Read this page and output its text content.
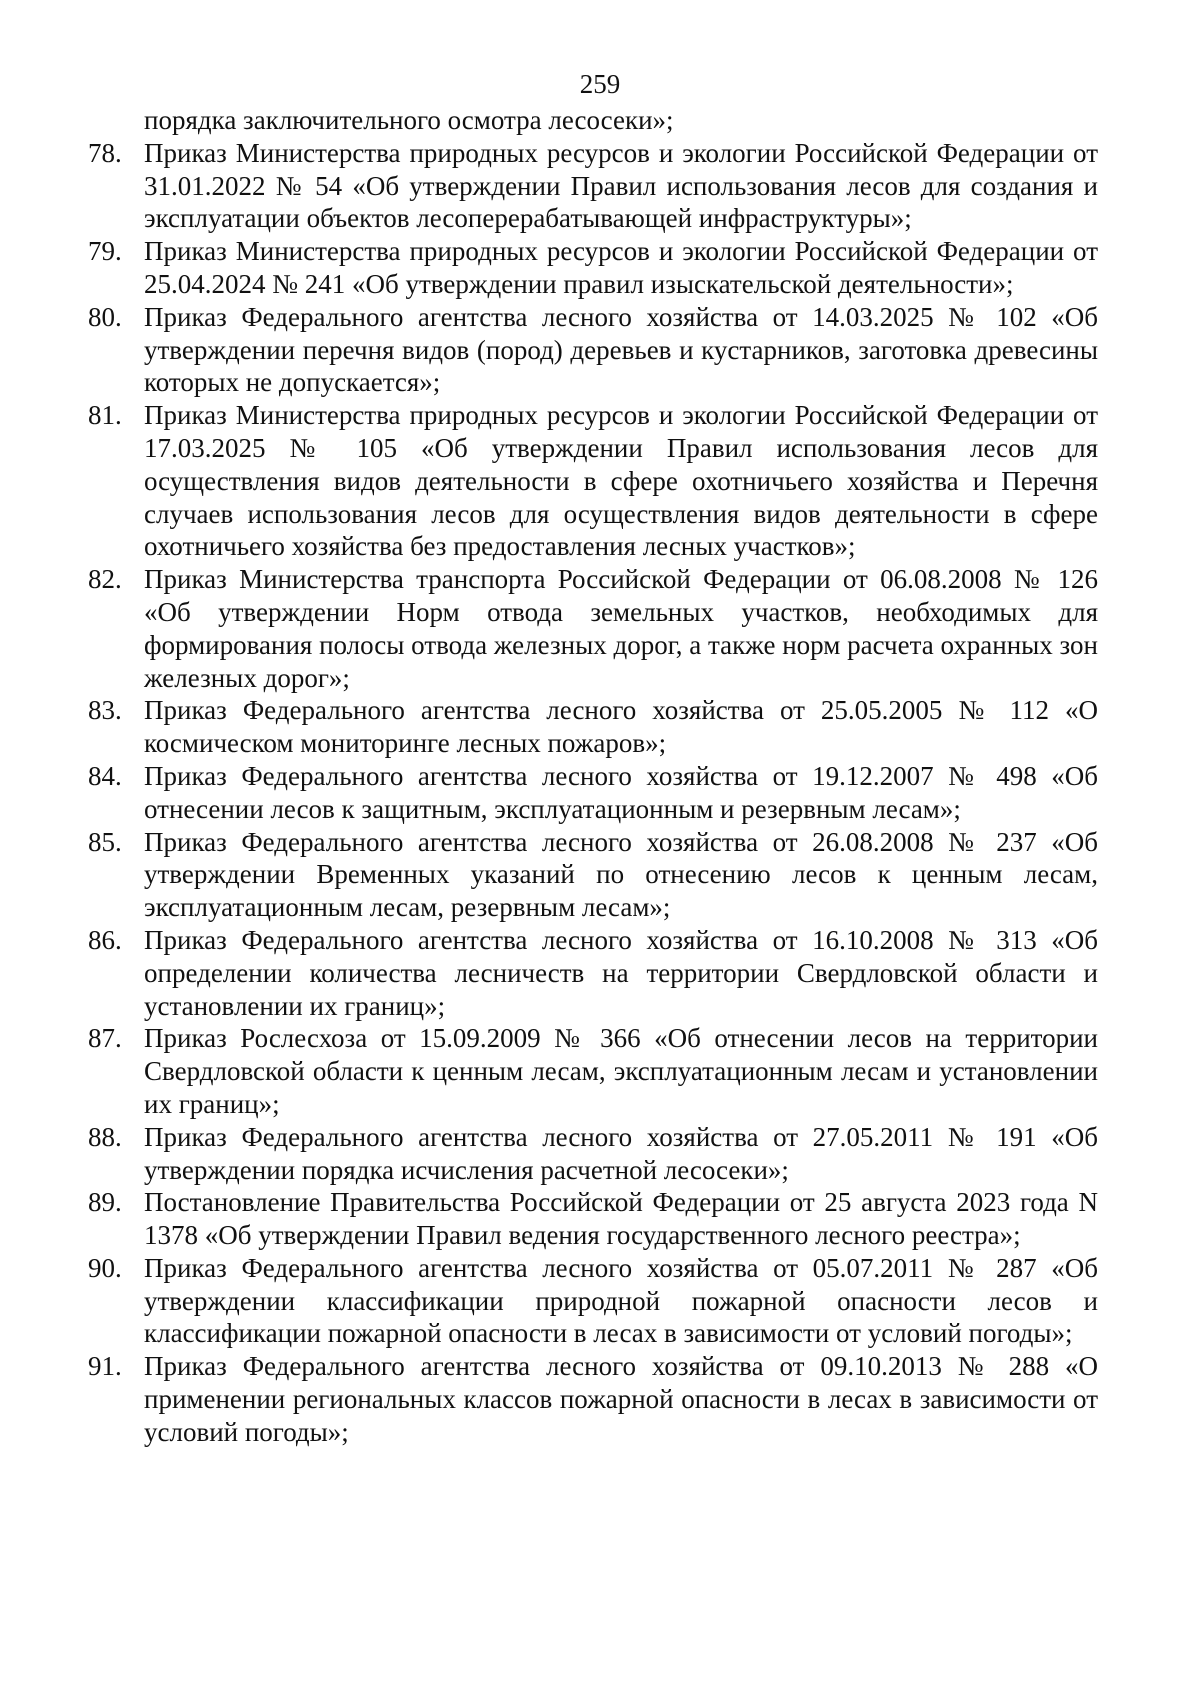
259

порядка заключительного осмотра лесосеки»;

78. Приказ Министерства природных ресурсов и экологии Российской Федерации от 31.01.2022 № 54 «Об утверждении Правил использования лесов для создания и эксплуатации объектов лесоперерабатывающей инфраструктуры»;
79. Приказ Министерства природных ресурсов и экологии Российской Федерации от 25.04.2024 № 241 «Об утверждении правил изыскательской деятельности»;
80. Приказ Федерального агентства лесного хозяйства от 14.03.2025 № 102 «Об утверждении перечня видов (пород) деревьев и кустарников, заготовка древесины которых не допускается»;
81. Приказ Министерства природных ресурсов и экологии Российской Федерации от 17.03.2025 № 105 «Об утверждении Правил использования лесов для осуществления видов деятельности в сфере охотничьего хозяйства и Перечня случаев использования лесов для осуществления видов деятельности в сфере охотничьего хозяйства без предоставления лесных участков»;
82. Приказ Министерства транспорта Российской Федерации от 06.08.2008 № 126 «Об утверждении Норм отвода земельных участков, необходимых для формирования полосы отвода железных дорог, а также норм расчета охранных зон железных дорог»;
83. Приказ Федерального агентства лесного хозяйства от 25.05.2005 № 112 «О космическом мониторинге лесных пожаров»;
84. Приказ Федерального агентства лесного хозяйства от 19.12.2007 № 498 «Об отнесении лесов к защитным, эксплуатационным и резервным лесам»;
85. Приказ Федерального агентства лесного хозяйства от 26.08.2008 № 237 «Об утверждении Временных указаний по отнесению лесов к ценным лесам, эксплуатационным лесам, резервным лесам»;
86. Приказ Федерального агентства лесного хозяйства от 16.10.2008 № 313 «Об определении количества лесничеств на территории Свердловской области и установлении их границ»;
87. Приказ Рослесхоза от 15.09.2009 № 366 «Об отнесении лесов на территории Свердловской области к ценным лесам, эксплуатационным лесам и установлении их границ»;
88. Приказ Федерального агентства лесного хозяйства от 27.05.2011 № 191 «Об утверждении порядка исчисления расчетной лесосеки»;
89. Постановление Правительства Российской Федерации от 25 августа 2023 года N 1378 «Об утверждении Правил ведения государственного лесного реестра»;
90. Приказ Федерального агентства лесного хозяйства от 05.07.2011 № 287 «Об утверждении классификации природной пожарной опасности лесов и классификации пожарной опасности в лесах в зависимости от условий погоды»;
91. Приказ Федерального агентства лесного хозяйства от 09.10.2013 № 288 «О применении региональных классов пожарной опасности в лесах в зависимости от условий погоды»;
